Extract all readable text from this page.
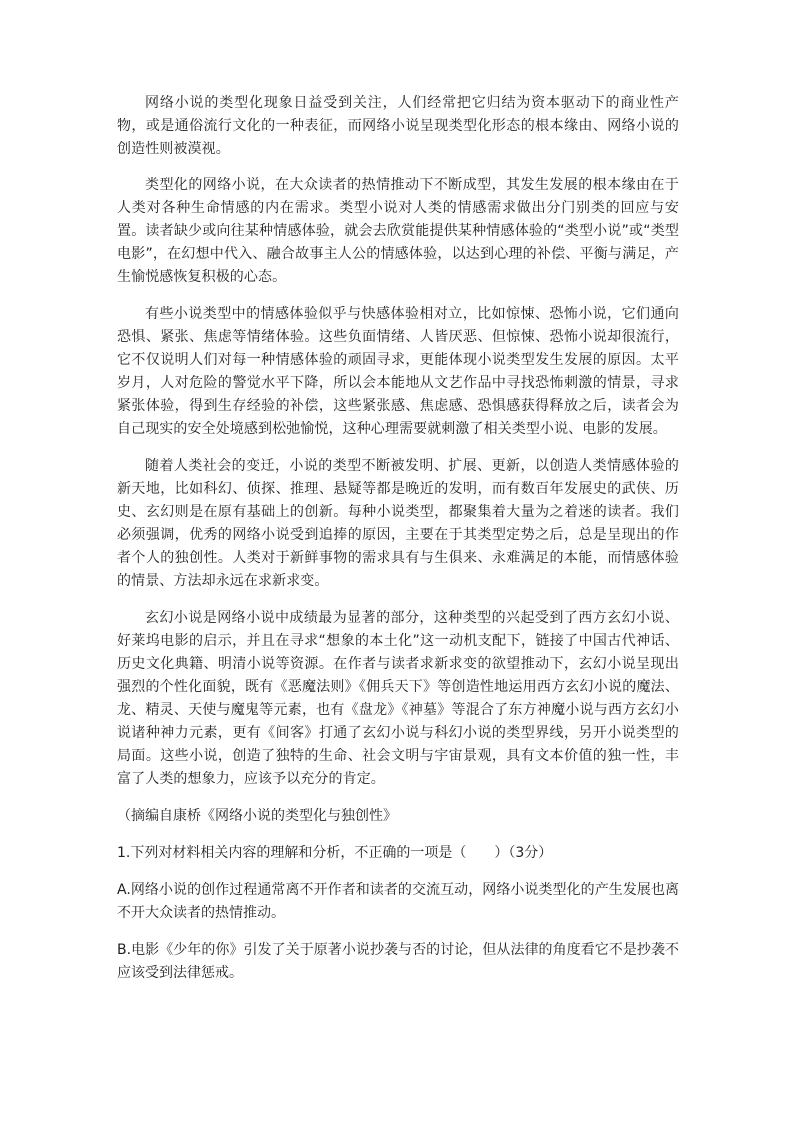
网络小说的类型化现象日益受到关注，人们经常把它归结为资本驱动下的商业性产物，或是通俗流行文化的一种表征，而网络小说呈现类型化形态的根本缘由、网络小说的创造性则被漠视。

类型化的网络小说，在大众读者的热情推动下不断成型，其发生发展的根本缘由在于人类对各种生命情感的内在需求。类型小说对人类的情感需求做出分门别类的回应与安置。读者缺少或向往某种情感体验，就会去欣赏能提供某种情感体验的“类型小说”或“类型电影”，在幻想中代入、融合故事主人公的情感体验，以达到心理的补偿、平衡与满足，产生愉悦感恢复积极的心态。

有些小说类型中的情感体验似乎与快感体验相对立，比如惊悚、恐怖小说，它们通向恐惧、紧张、焦虑等情绪体验。这些负面情绪、人皆厌恶、但惊悚、恐怖小说却很流行，它不仅说明人们对每一种情感体验的顽固寻求，更能体现小说类型发生发展的原因。太平岁月，人对危险的警觉水平下降，所以会本能地从文艺作品中寻找恐怖刺激的情景，寻求紧张体验，得到生存经验的补偿，这些紧张感、焦虑感、恐惧感获得释放之后，读者会为自己现实的安全处境感到松弛愉悦，这种心理需要就刺激了相关类型小说、电影的发展。

随着人类社会的变迁，小说的类型不断被发明、扩展、更新，以创造人类情感体验的新天地，比如科幻、侦探、推理、悬疑等都是晚近的发明，而有数百年发展史的武侠、历史、玄幻则是在原有基础上的创新。每种小说类型，都聚集着大量为之着迷的读者。我们必须强调，优秀的网络小说受到追捧的原因，主要在于其类型定势之后，总是呈现出的作者个人的独创性。人类对于新鲜事物的需求具有与生俱来、永难满足的本能，而情感体验的情景、方法却永远在求新求变。

玄幻小说是网络小说中成绩最为显著的部分，这种类型的兴起受到了西方玄幻小说、好莱坞电影的启示，并且在寻求“想象的本土化”这一动机支配下，链接了中国古代神话、历史文化典籍、明清小说等资源。在作者与读者求新求变的欲望推动下，玄幻小说呈现出强烈的个性化面貌，既有《恶魔法则》《佣兵天下》等创造性地运用西方玄幻小说的魔法、龙、精灵、天使与魔鬼等元素，也有《盘龙》《神墓》等混合了东方神魔小说与西方玄幻小说诸种神力元素，更有《间客》打通了玄幻小说与科幻小说的类型界线，另开小说类型的局面。这些小说，创造了独特的生命、社会文明与宇宙景观，具有文本价值的独一性，丰富了人类的想象力，应该予以充分的肯定。

（摘编自康桥《网络小说的类型化与独创性》

1.下列对材料相关内容的理解和分析，不正确的一项是（　　）（3分）

A.网络小说的创作过程通常离不开作者和读者的交流互动，网络小说类型化的产生发展也离不开大众读者的热情推动。

B.电影《少年的你》引发了关于原著小说抄袭与否的讨论，但从法律的角度看它不是抄袭不应该受到法律惩戒。
